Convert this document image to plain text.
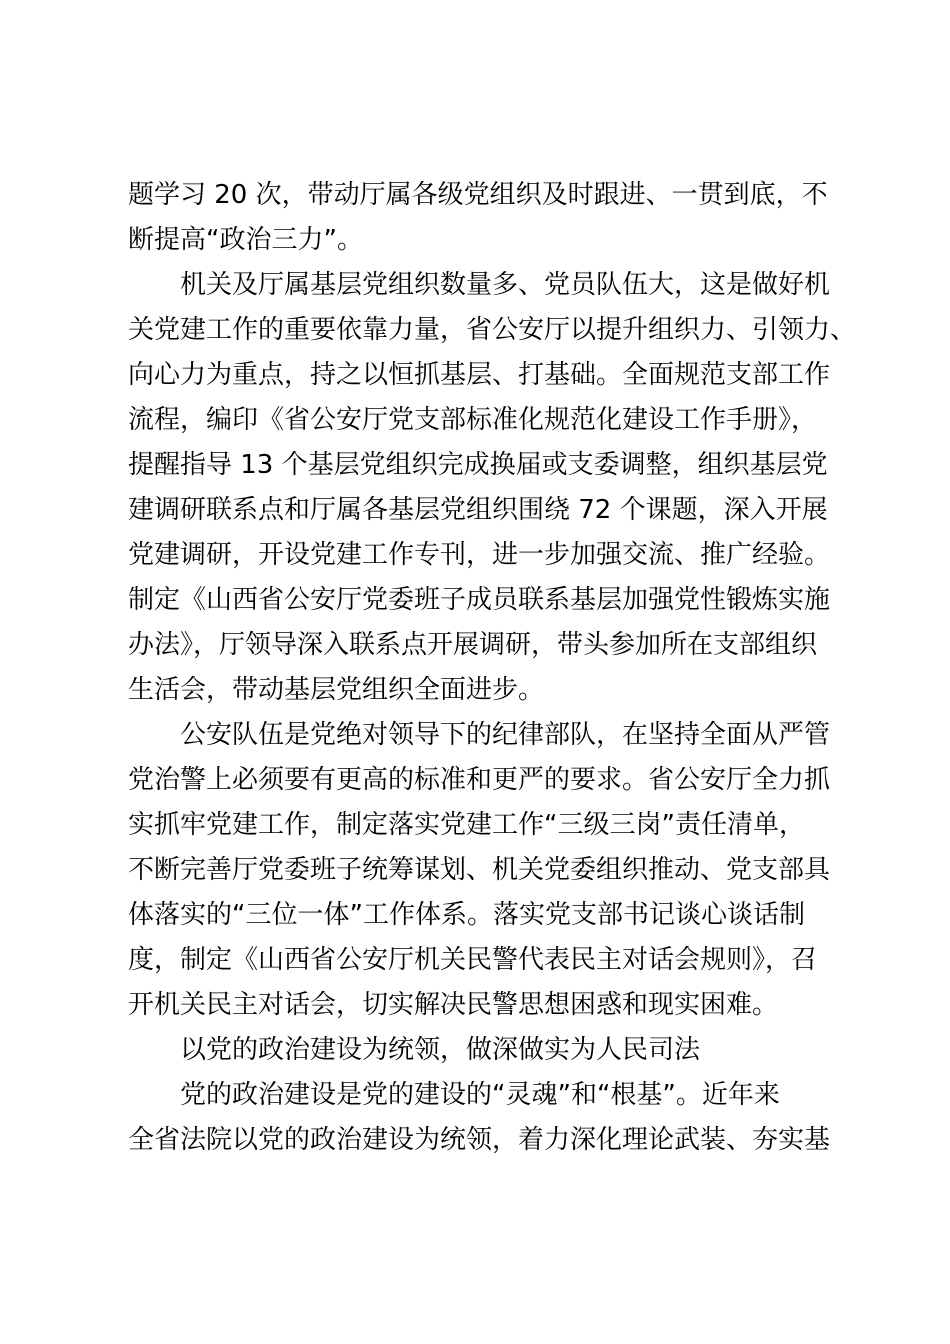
题学习 20 次，带动厅属各级党组织及时跟进、一贯到底，不
断提高“政治三力”。
机关及厅属基层党组织数量多、党员队伍大，这是做好机
关党建工作的重要依靠力量，省公安厅以提升组织力、引领力、
向心力为重点，持之以恒抓基层、打基础。全面规范支部工作
流程，编印《省公安厅党支部标准化规范化建设工作手册》，
提醒指导 13 个基层党组织完成换届或支委调整，组织基层党
建调研联系点和厅属各基层党组织围绕 72 个课题，深入开展
党建调研，开设党建工作专刊，进一步加强交流、推广经验。
制定《山西省公安厅党委班子成员联系基层加强党性锻炼实施
办法》，厅领导深入联系点开展调研，带头参加所在支部组织
生活会，带动基层党组织全面进步。
公安队伍是党绝对领导下的纪律部队，在坚持全面从严管
党治警上必须要有更高的标准和更严的要求。省公安厅全力抓
实抓牢党建工作，制定落实党建工作“三级三岗”责任清单，
不断完善厅党委班子统筹谋划、机关党委组织推动、党支部具
体落实的“三位一体”工作体系。落实党支部书记谈心谈话制
度，制定《山西省公安厅机关民警代表民主对话会规则》，召
开机关民主对话会，切实解决民警思想困惑和现实困难。
以党的政治建设为统领，做深做实为人民司法
党的政治建设是党的建设的“灵魂”和“根基”。近年来
全省法院以党的政治建设为统领，着力深化理论武装、夯实基
